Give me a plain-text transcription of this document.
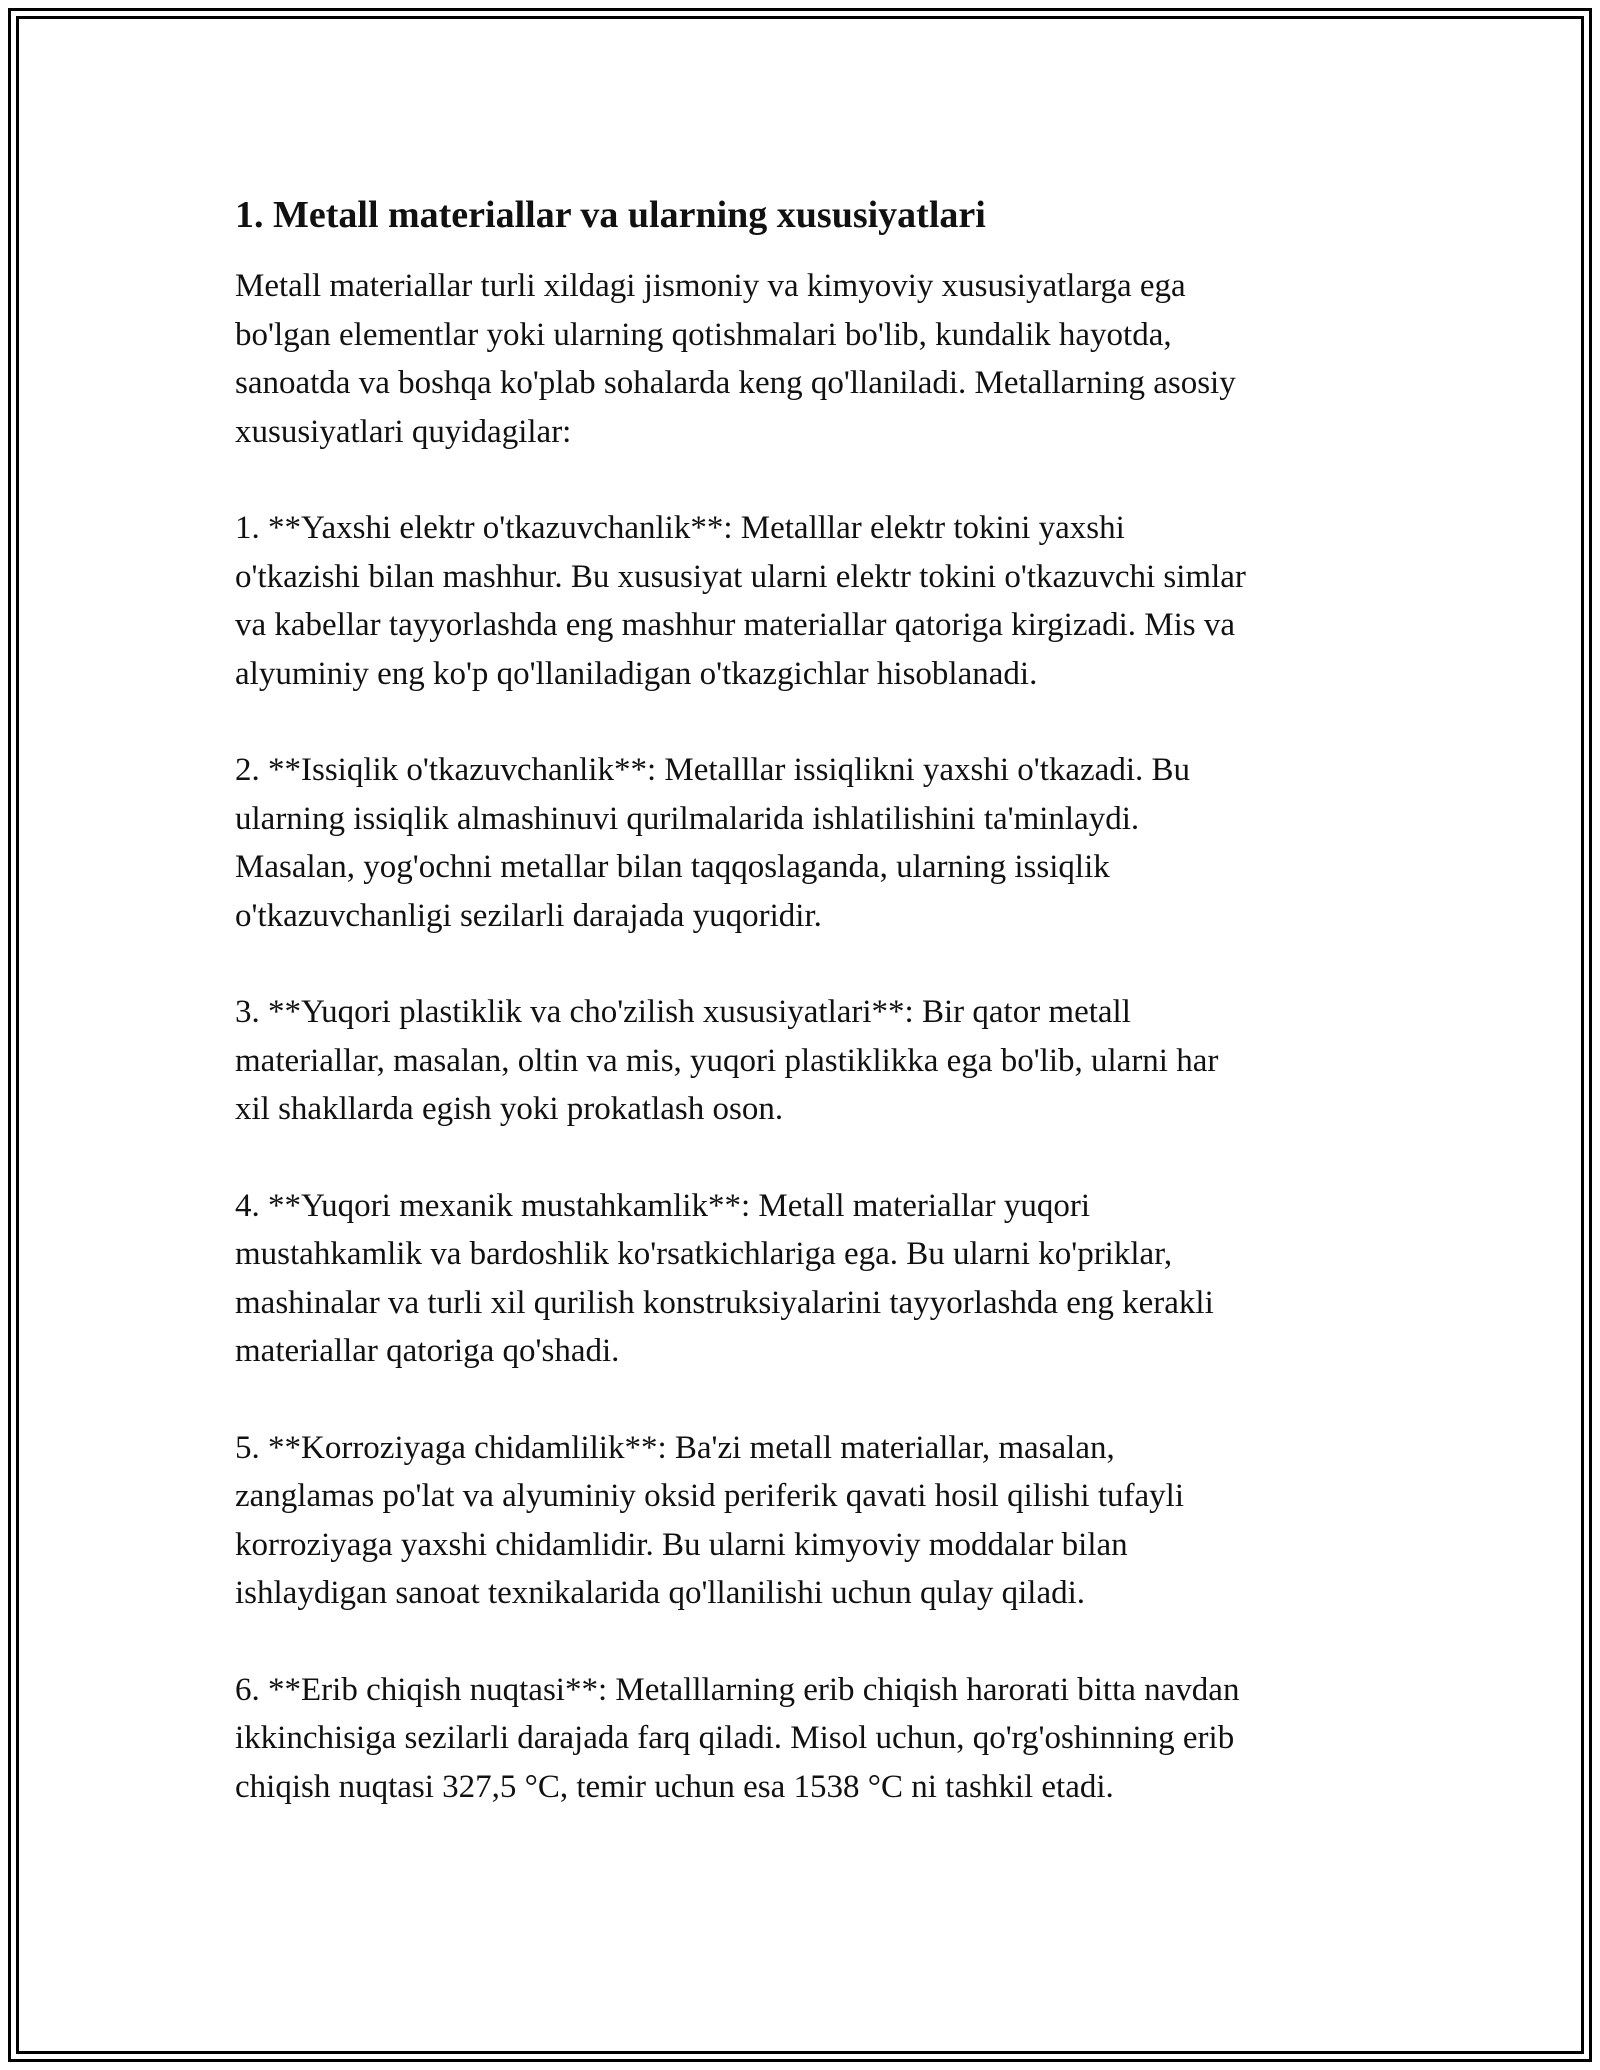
1. Metall materiallar va ularning xususiyatlari

Metall materiallar turli xildagi jismoniy va kimyoviy xususiyatlarga ega
bo'lgan elementlar yoki ularning qotishmalari bo'lib, kundalik hayotda,
sanoatda va boshqa ko'plab sohalarda keng qo'llaniladi. Metallarning asosiy
xususiyatlari quyidagilar:

1. **Yaxshi elektr o'tkazuvchanlik**: Metalllar elektr tokini yaxshi
o'tkazishi bilan mashhur. Bu xususiyat ularni elektr tokini o'tkazuvchi simlar
va kabellar tayyorlashda eng mashhur materiallar qatoriga kirgizadi. Mis va
alyuminiy eng ko'p qo'llaniladigan o'tkazgichlar hisoblanadi.

2. **Issiqlik o'tkazuvchanlik**: Metalllar issiqlikni yaxshi o'tkazadi. Bu
ularning issiqlik almashinuvi qurilmalarida ishlatilishini ta'minlaydi.
Masalan, yog'ochni metallar bilan taqqoslaganda, ularning issiqlik
o'tkazuvchanligi sezilarli darajada yuqoridir.

3. **Yuqori plastiklik va cho'zilish xususiyatlari**: Bir qator metall
materiallar, masalan, oltin va mis, yuqori plastiklikka ega bo'lib, ularni har
xil shakllarda egish yoki prokatlash oson.

4. **Yuqori mexanik mustahkamlik**: Metall materiallar yuqori
mustahkamlik va bardoshlik ko'rsatkichlariga ega. Bu ularni ko'priklar,
mashinalar va turli xil qurilish konstruksiyalarini tayyorlashda eng kerakli
materiallar qatoriga qo'shadi.

5. **Korroziyaga chidamlilik**: Ba'zi metall materiallar, masalan,
zanglamas po'lat va alyuminiy oksid periferik qavati hosil qilishi tufayli
korroziyaga yaxshi chidamlidir. Bu ularni kimyoviy moddalar bilan
ishlaydigan sanoat texnikalarida qo'llanilishi uchun qulay qiladi.

6. **Erib chiqish nuqtasi**: Metalllarning erib chiqish harorati bitta navdan
ikkinchisiga sezilarli darajada farq qiladi. Misol uchun, qo'rg'oshinning erib
chiqish nuqtasi 327,5 °C, temir uchun esa 1538 °C ni tashkil etadi.
